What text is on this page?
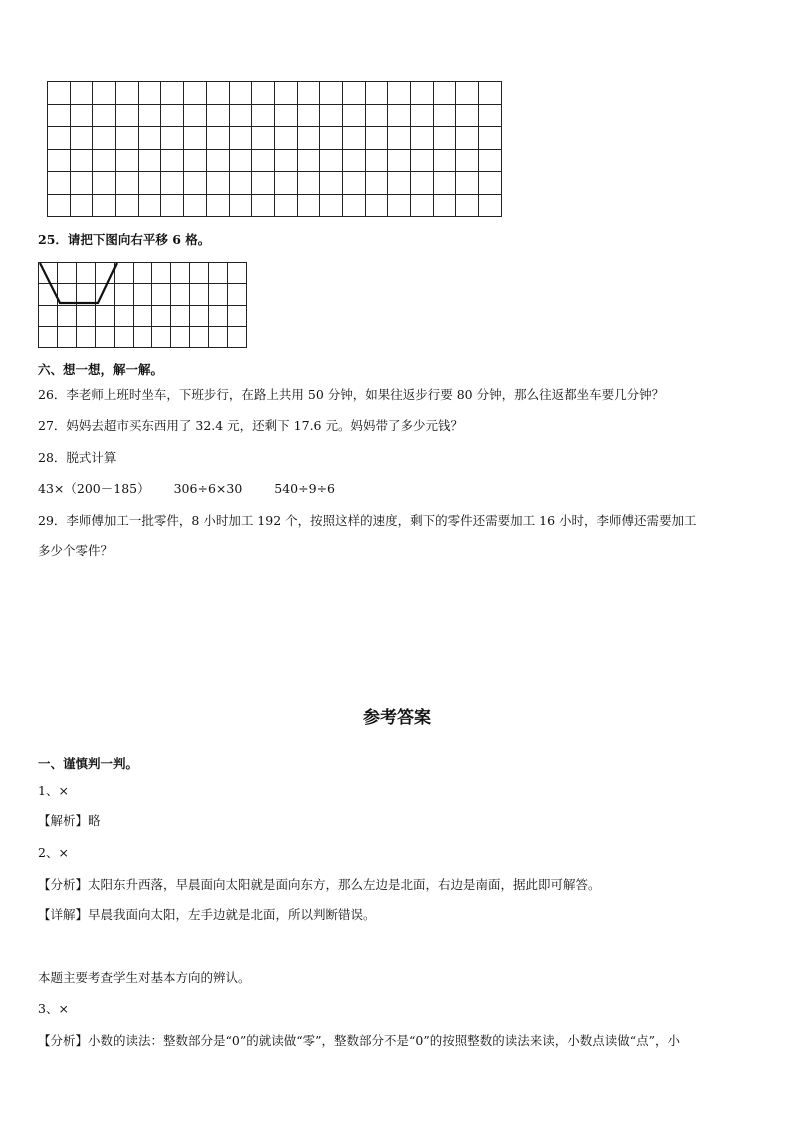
25．请把下图向右平移 6 格。

六、想一想，解一解。
26．李老师上班时坐车，下班步行，在路上共用 50 分钟，如果往返步行要 80 分钟，那么往返都坐车要几分钟？
27．妈妈去超市买东西用了 32.4 元，还剩下 17.6 元。妈妈带了多少元钱？
28．脱式计算
43×（200－185） 306÷6×30	540÷9÷6
29．李师傅加工一批零件，8 小时加工 192 个，按照这样的速度，剩下的零件还需要加工 16 小时，李师傅还需要加工
多少个零件？
参考答案
一、谨慎判一判。
1、×
【解析】略
2、×
【分析】太阳东升西落，早晨面向太阳就是面向东方，那么左边是北面，右边是南面，据此即可解答。
【详解】早晨我面向太阳，左手边就是北面，所以判断错误。
本题主要考查学生对基本方向的辨认。
3、×
【分析】小数的读法：整数部分是“0”的就读做“零”，整数部分不是“0”的按照整数的读法来读，小数点读做“点”，小
